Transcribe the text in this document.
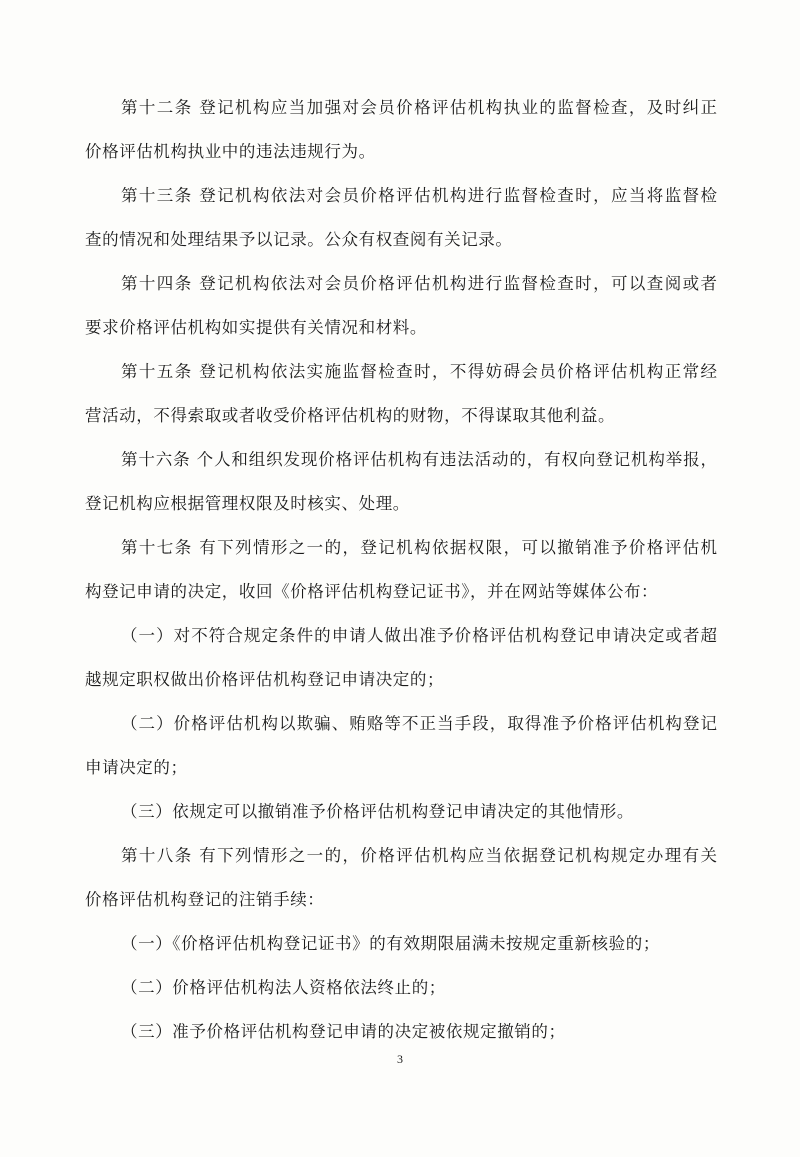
第十二条 登记机构应当加强对会员价格评估机构执业的监督检查，及时纠正
价格评估机构执业中的违法违规行为。
第十三条 登记机构依法对会员价格评估机构进行监督检查时，应当将监督检
查的情况和处理结果予以记录。公众有权查阅有关记录。
第十四条 登记机构依法对会员价格评估机构进行监督检查时，可以查阅或者
要求价格评估机构如实提供有关情况和材料。
第十五条 登记机构依法实施监督检查时，不得妨碍会员价格评估机构正常经
营活动，不得索取或者收受价格评估机构的财物，不得谋取其他利益。
第十六条 个人和组织发现价格评估机构有违法活动的，有权向登记机构举报，
登记机构应根据管理权限及时核实、处理。
第十七条 有下列情形之一的，登记机构依据权限，可以撤销准予价格评估机
构登记申请的决定，收回《价格评估机构登记证书》，并在网站等媒体公布：
（一）对不符合规定条件的申请人做出准予价格评估机构登记申请决定或者超
越规定职权做出价格评估机构登记申请决定的；
（二）价格评估机构以欺骗、贿赂等不正当手段，取得准予价格评估机构登记
申请决定的；
（三）依规定可以撤销准予价格评估机构登记申请决定的其他情形。
第十八条 有下列情形之一的，价格评估机构应当依据登记机构规定办理有关
价格评估机构登记的注销手续：
（一）《价格评估机构登记证书》的有效期限届满未按规定重新核验的；
（二）价格评估机构法人资格依法终止的；
（三）准予价格评估机构登记申请的决定被依规定撤销的；
3
